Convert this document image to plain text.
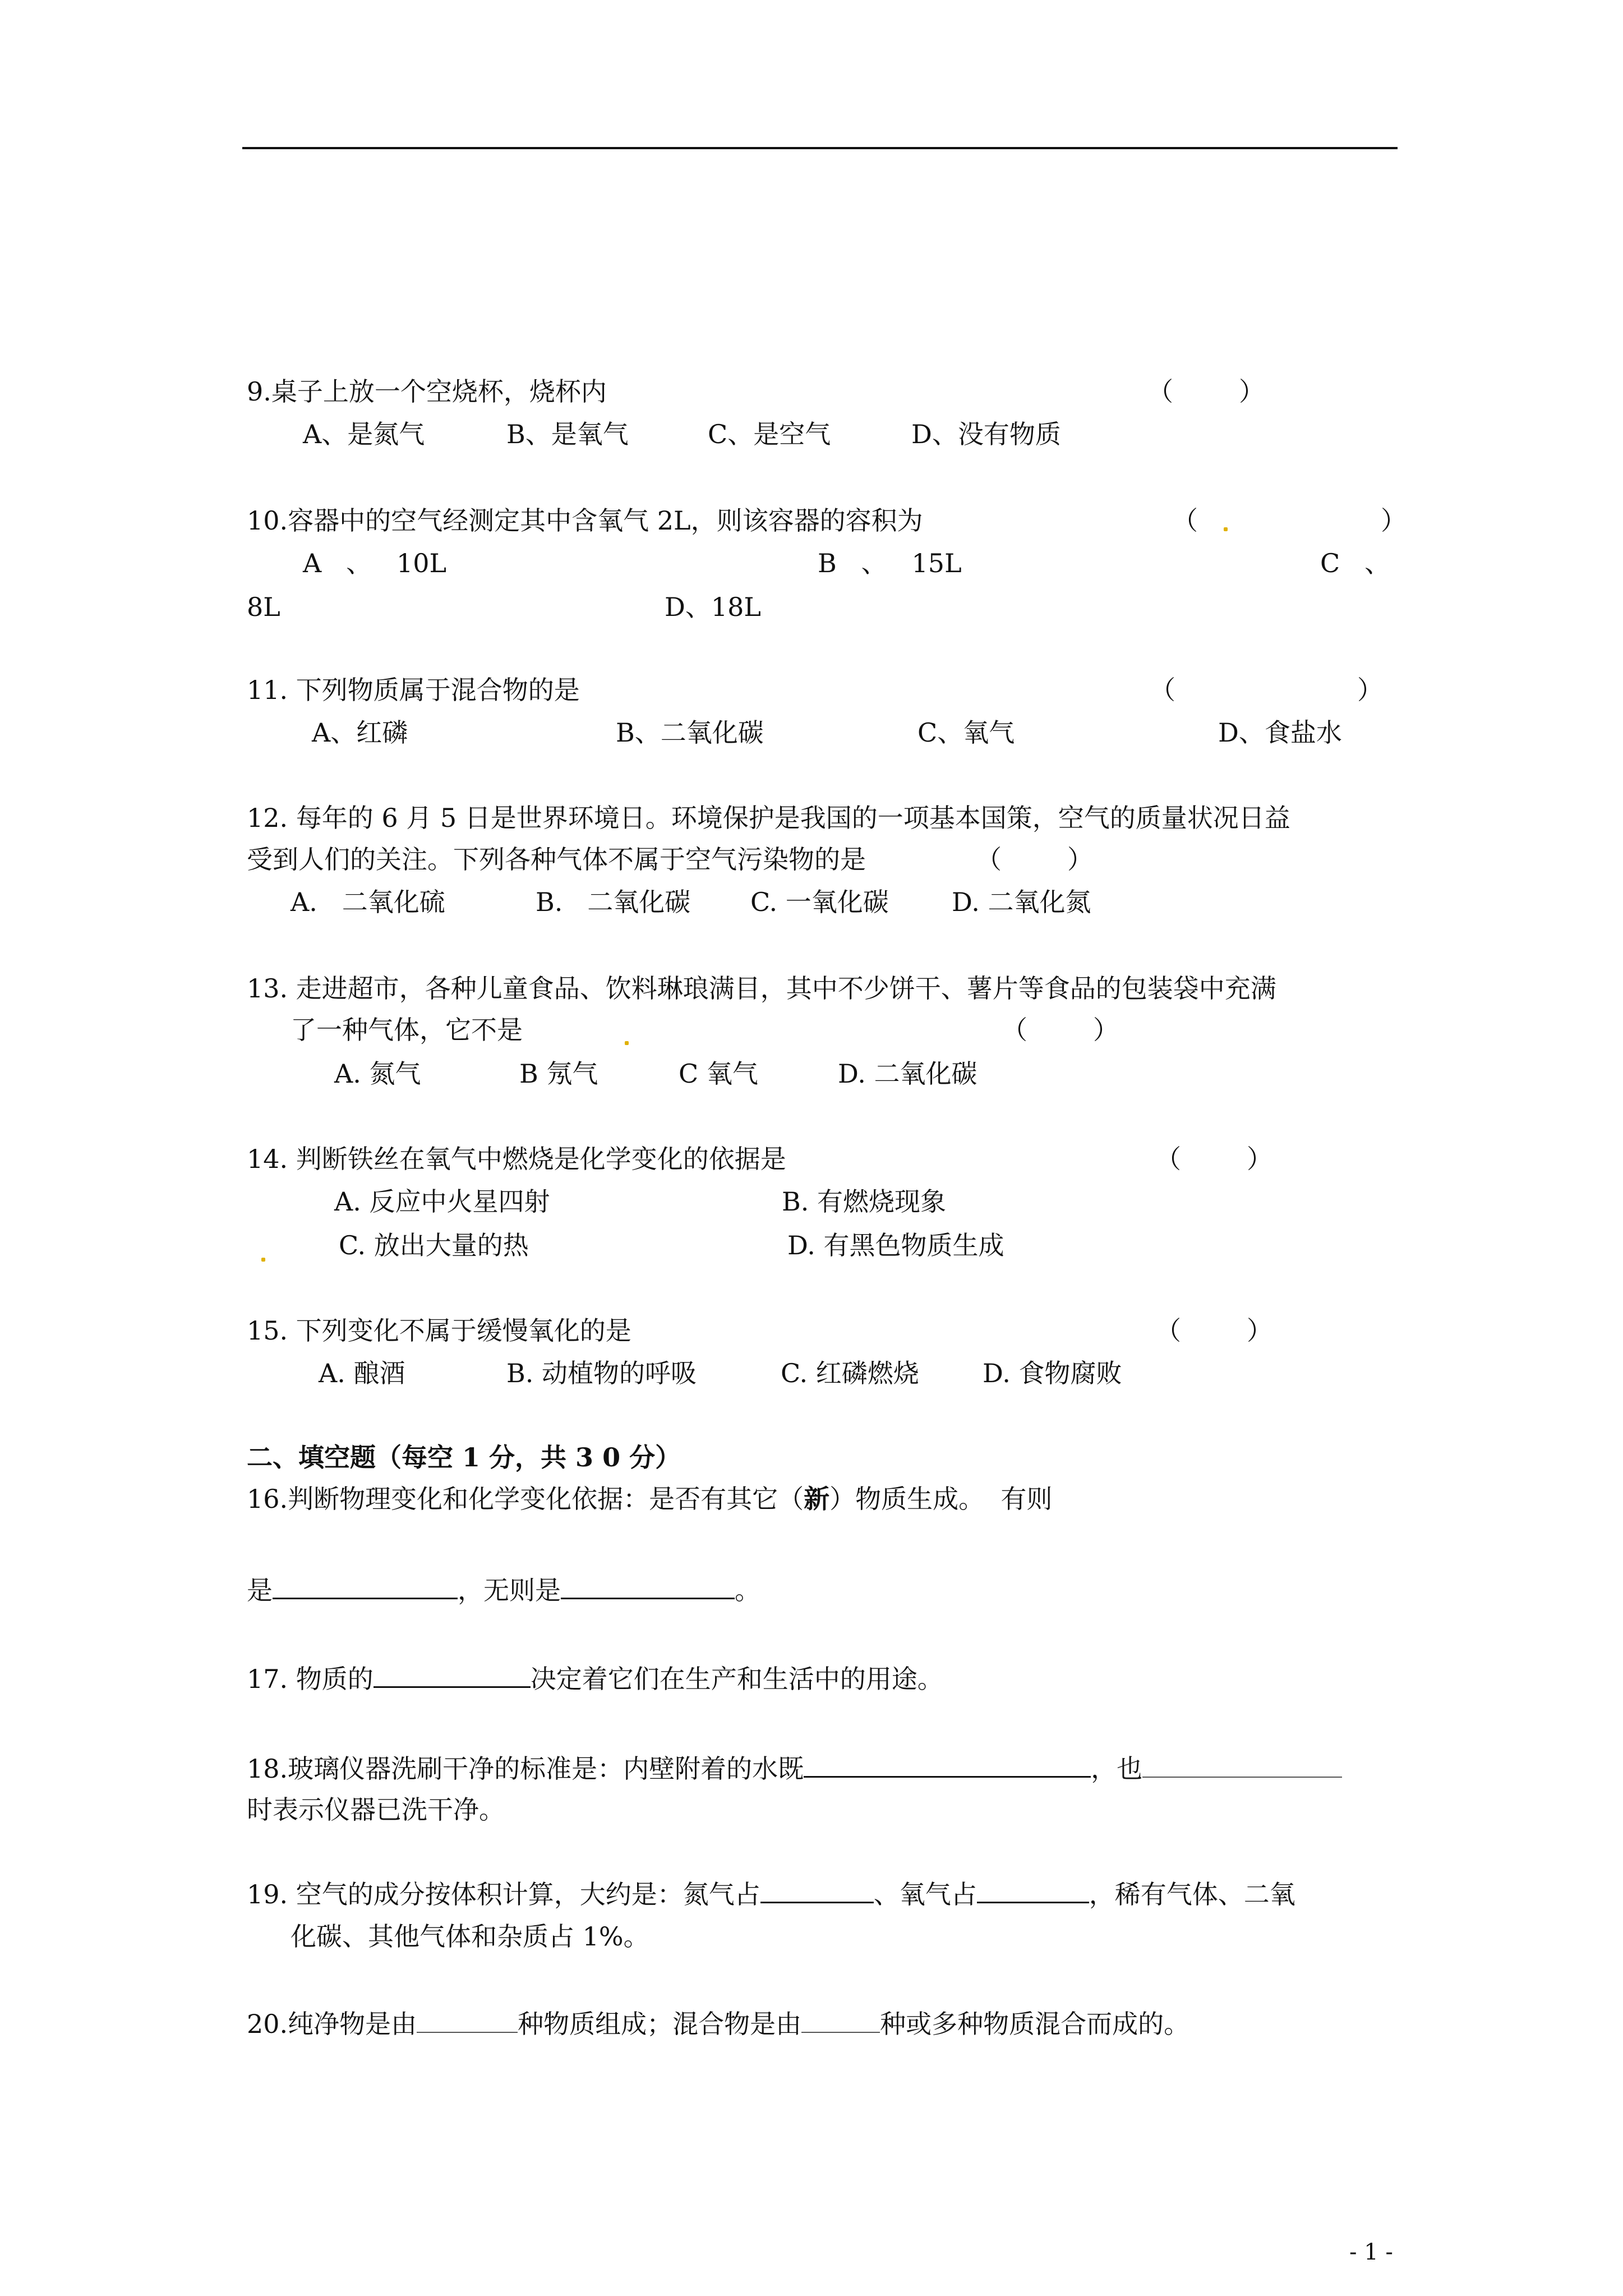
9.桌子上放一个空烧杯，烧杯内	（        ）
A、是氮气	B、是氧气	C、是空气	D、没有物质
10.容器中的空气经测定其中含氧气 2L，则该容器的容积为	（	）
A   、   10L	B   、   15L	C   、
8L	D、18L
11. 下列物质属于混合物的是	（	）
A、红磷	B、二氧化碳	C、氧气	D、食盐水
12. 每年的 6 月 5 日是世界环境日。环境保护是我国的一项基本国策，空气的质量状况日益
受到人们的关注。下列各种气体不属于空气污染物的是	（        ）
A.   二氧化硫	B.   二氧化碳 C. 一氧化碳 D. 二氧化氮
13. 走进超市，各种儿童食品、饮料琳琅满目，其中不少饼干、薯片等食品的包装袋中充满
了一种气体，它不是	（        ）
A. 氮气	B 氖气	C 氧气	D. 二氧化碳
14. 判断铁丝在氧气中燃烧是化学变化的依据是	（        ）
A. 反应中火星四射	B. 有燃烧现象
C. 放出大量的热	D. 有黑色物质生成
15. 下列变化不属于缓慢氧化的是	（        ）
A. 酿酒	B. 动植物的呼吸	C. 红磷燃烧 D. 食物腐败
二、填空题（每空 1 分，共 3 0 分）
16.判断物理变化和化学变化依据：是否有其它（新）物质生成。  有则
是	，无则是	。
17. 物质的	决定着它们在生产和生活中的用途。
18.玻璃仪器洗刷干净的标准是：内壁附着的水既	，也
时表示仪器已洗干净。
19. 空气的成分按体积计算，大约是：氮气占	、氧气占	，稀有气体、二氧
化碳、其他气体和杂质占 1%。
20.纯净物是由	种物质组成；混合物是由	种或多种物质混合而成的。
- 1 -
